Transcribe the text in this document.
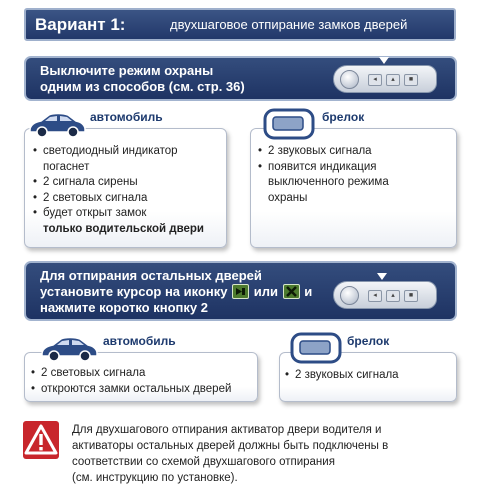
Вариант 1:	двухшаговое отпирание замков дверей
Выключите режим охраны
одним из способов (см. стр. 36)	◂	▴	■
автомобиль
• светодиодный индикатор
погаснет
• 2 сигнала сирены
• 2 световых сигнала
• будет открыт замок
только водительской двери
брелок
• 2 звуковых сигнала
• появится индикация
выключенного режима
охраны
Для отпирания остальных дверей
установите курсор на иконку или и
нажмите коротко кнопку 2
◂	▴	■
автомобиль
• 2 световых сигнала
• откроются замки остальных дверей
брелок
• 2 звуковых сигнала
Для двухшагового отпирания активатор двери водителя и
активаторы остальных дверей должны быть подключены в
соответствии со схемой двухшагового отпирания
(см. инструкцию по установке).
